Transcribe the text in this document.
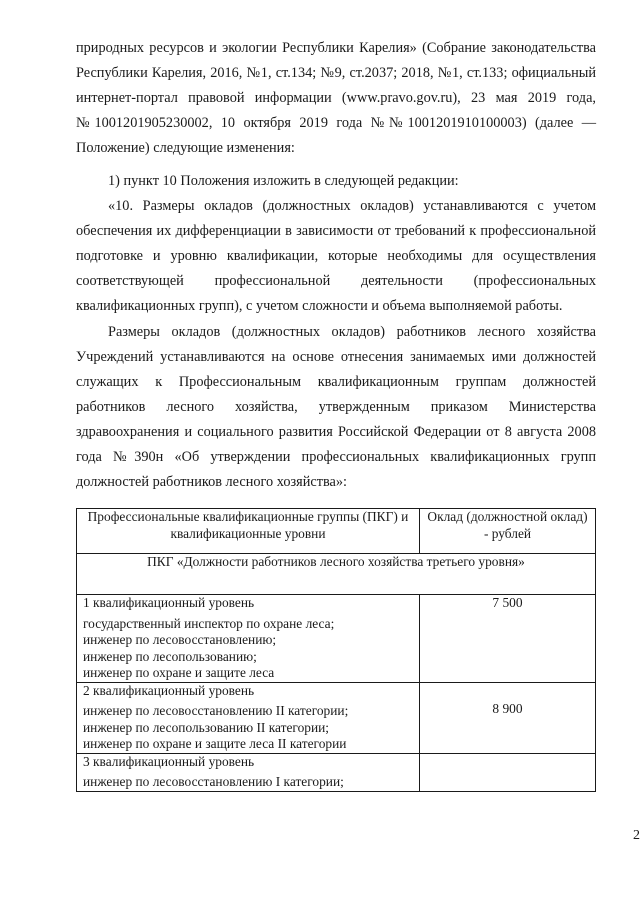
природных ресурсов и экологии Республики Карелия» (Собрание законодательства Республики Карелия, 2016, №1, ст.134; №9, ст.2037; 2018, №1, ст.133; официальный интернет-портал правовой информации (www.pravo.gov.ru), 23 мая 2019 года, №1001201905230002, 10 октября 2019 года №№1001201910100003) (далее — Положение) следующие изменения:
1) пункт 10 Положения изложить в следующей редакции:
«10. Размеры окладов (должностных окладов) устанавливаются с учетом обеспечения их дифференциации в зависимости от требований к профессиональной подготовке и уровню квалификации, которые необходимы для осуществления соответствующей профессиональной деятельности (профессиональных квалификационных групп), с учетом сложности и объема выполняемой работы.
Размеры окладов (должностных окладов) работников лесного хозяйства Учреждений устанавливаются на основе отнесения занимаемых ими должностей служащих к Профессиональным квалификационным группам должностей работников лесного хозяйства, утвержденным приказом Министерства здравоохранения и социального развития Российской Федерации от 8 августа 2008 года №390н «Об утверждении профессиональных квалификационных групп должностей работников лесного хозяйства»:
Профессиональные квалификационные группы (ПКГ) и квалификационные уровни	Оклад (должностной оклад) - рублей
ПКГ «Должности работников лесного хозяйства третьего уровня»	

1 квалификационный уровень
государственный инспектор по охране леса;
инженер по лесовосстановлению;
инженер по лесопользованию;
инженер по охране и защите леса	7 500

2 квалификационный уровень
инженер по лесовосстановлению II категории;
инженер по лесопользованию II категории;
инженер по охране и защите леса II категории	8 900

3 квалификационный уровень
инженер по лесовосстановлению I категории;	

2
